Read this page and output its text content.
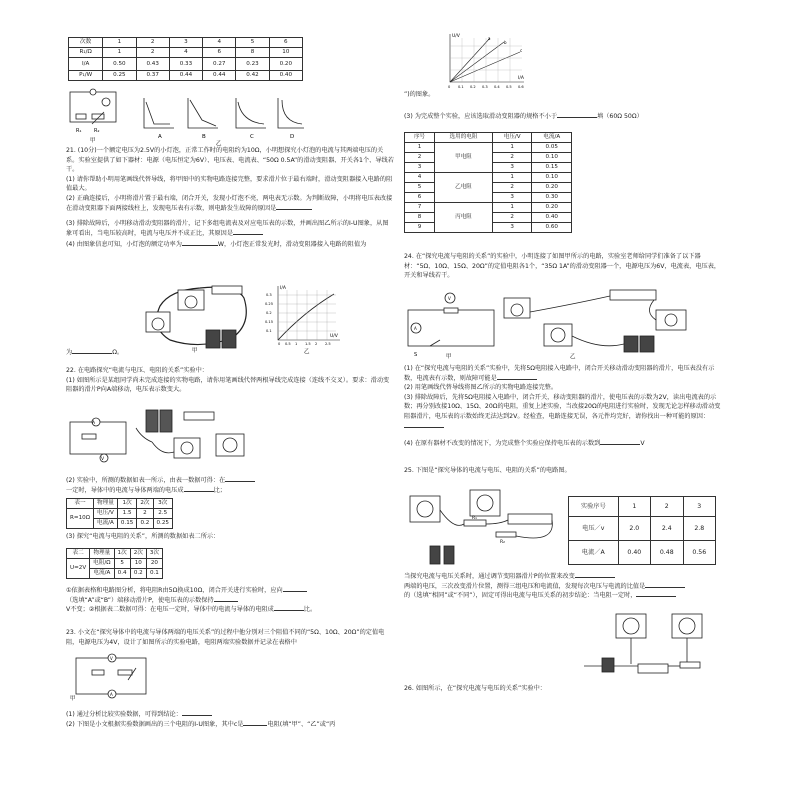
次数	1	2	3	4	5	6
R₁/Ω	1	2	4	6	8	10
I/A	0.50	0.43	0.33	0.27	0.23	0.20
P₁/W	0.25	0.37	0.44	0.44	0.42	0.40
R₁	R₂
甲
A	B	C	D
乙

21. (10分)一个额定电压为2.5V的小灯泡，正常工作时的电阻约为10Ω，小明想探究小灯泡的电流与其两端电压的关系。实验室提供了如下器材：电源（电压恒定为6V）、电压表、电流表、“50Ω 0.5A”的滑动变阻器、开关各1个、导线若干。

(1) 请你帮助小明用笔画线代替导线，将甲图中的实物电路连接完整，要求滑片位于最右端时，滑动变阻器接入电路的阻值最大。

(2) 正确连接后，小明将滑片置于最右端，闭合开关，发现小灯泡不亮，两电表无示数。为判断故障，小明将电压表改接在滑动变阻器下面两接线柱上，发现电压表有示数，则电路发生故障的原因是

(3) 排除故障后，小明移动滑动变阻器的滑片，记下多组电流表及对应电压表的示数，并画出图乙所示的I-U图象，从图象可看出，当电压较高时，电流与电压并不成正比，其原因是

(4) 由图象信息可知，小灯泡的额定功率为	W，小灯泡正常发光时，滑动变阻器接入电路的阻值为

甲
I/A
U/V
0.3
0.25
0.2
0.15
0.1
0 0.5 1 1.5 2 2.5
乙

为	Ω。

22. 在电路探究“电流与电压、电阻的关系”实验中：

(1) 如图所示是某组同学尚未完成连接的实物电路，请你用笔画线代替两根导线完成连接（连线不交叉）。要求：滑动变阻器的滑片P向A端移动，电压表示数变大。

A
V

(2) 实验中，所测的数据如表一所示，由表一数据可得：在

一定时，导体中的电流与导体两端的电压成	比；

表一	物理量	1次	2次	3次
R=10Ω	电压/V	1.5	2	2.5
	电流/A	0.15	0.2	0.25

(3) 探究“电流与电阻的关系”，所测的数据如表二所示：

表二	物理量	1次	2次	3次
U=2V	电阻/Ω	5	10	20
	电流/A	0.4	0.2	0.1

①依据表格和电路图分析，将电阻R由5Ω换成10Ω，闭合开关进行实验时，应向

（选填“A”或“B”）端移动滑片P，使电压表的示数保持

V不变；②根据表二数据可得：在电压一定时，导体中的电流与导体的电阻成	比。

23. 小文在“探究导体中的电流与导体两端的电压关系”的过程中他分别对三个阻值不同的“5Ω、10Ω、20Ω”的定值电阻，电源电压为4V，设计了如图所示的实验电路，电阻两端实验数据并记录在表格中

V
A
甲

(1) 通过分析比较实验数据，可得到结论：

(2) 下图是小文根据实验数据画出的三个电阻的I-U图象，其中c是	电阻(填“甲”、“乙”或“丙

U/V
I/A
a
b
c
0 0.1 0.2 0.3 0.4 0.5 0.6

”)的图象。

(3) 为完成整个实验，应该选取滑动变阻器的规格不小于	填（60Ω 50Ω）

序号	选用的电阻	电压/V	电流/A
1	甲电阻	1	0.05
2		2	0.10
3		3	0.15
4	乙电阻	1	0.10
5		2	0.20
6		3	0.30
7	丙电阻	1	0.20
8		2	0.40
9		3	0.60

24. 在“探究电流与电阻的关系”的实验中，小明连接了如图甲所示的电路，实验室老师给同学们准备了以下器材：“5Ω、10Ω、15Ω、20Ω”的定值电阻各1个，“35Ω 1A”的滑动变阻器一个，电源电压为6V，电流表，电压表，开关和导线若干。

V
A
S	甲	乙

(1) 在“探究电流与电阻的关系”实验中，先将5Ω电阻接入电路中，闭合开关移动滑动变阻器的滑片，电压表没有示数，电流表有示数，则故障可能是

(2) 用笔画线代替导线将图乙所示的实物电路连接完整。

(3) 排除故障后，先将5Ω电阻接入电路中，闭合开关，移动变阻器的滑片，使电压表的示数为2V，读出电流表的示数；再分别改接10Ω、15Ω、20Ω的电阻，重复上述实验，当改接20Ω的电阻进行实验时，发现无论怎样移动滑动变阻器滑片，电压表的示数始终无法达到2V。经检查，电路连接无误，各元件均完好，请你找出一种可能的原因：

(4) 在原有器材不改变的情况下，为完成整个实验应保持电压表的示数到	V

25. 下图是“探究导体的电流与电压、电阻的关系”的电路图。

R₁
R₂
实验序号	1	2	3
电压／v	2.0	2.4	2.8
电流／A	0.40	0.48	0.56

当探究电流与电压关系时，通过调节变阻器滑片P的位置来改变

两端的电压，三次改变滑片位置，测得三组电压和电流值，发现每次电压与电流的比值是

的（选填“相同”或“不同”），固定可得出电流与电压关系的初步结论：当电阻一定时，

26. 如图所示，在“探究电流与电压的关系”实验中：
